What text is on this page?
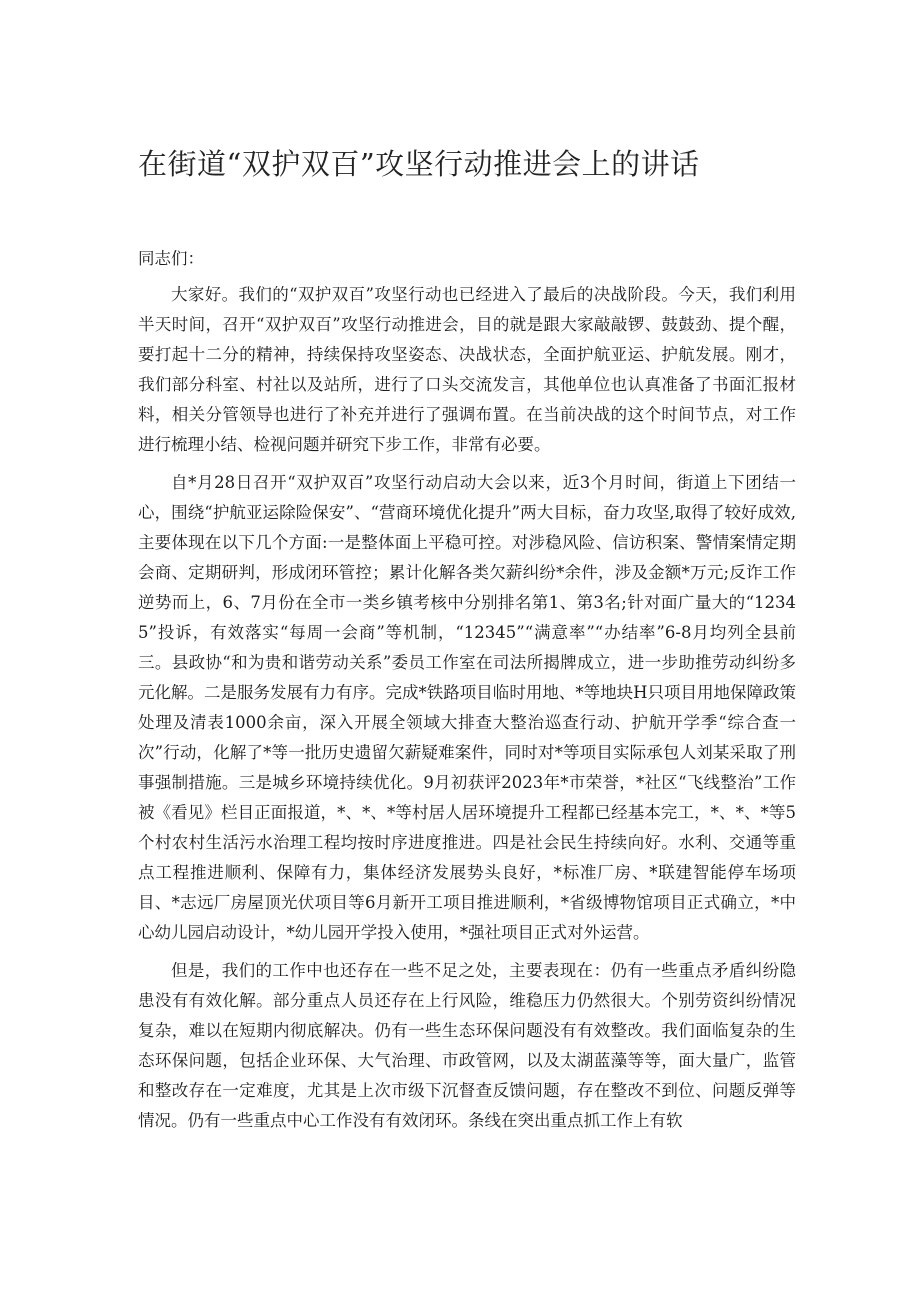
在街道“双护双百”攻坚行动推进会上的讲话

同志们：

大家好。我们的“双护双百”攻坚行动也已经进入了最后的决战阶段。今天，我们利用半天时间，召开“双护双百”攻坚行动推进会，目的就是跟大家敲敲锣、鼓鼓劲、提个醒，要打起十二分的精神，持续保持攻坚姿态、决战状态，全面护航亚运、护航发展。刚才，我们部分科室、村社以及站所，进行了口头交流发言，其他单位也认真准备了书面汇报材料，相关分管领导也进行了补充并进行了强调布置。在当前决战的这个时间节点，对工作进行梳理小结、检视问题并研究下步工作，非常有必要。

自*月28日召开“双护双百”攻坚行动启动大会以来，近3个月时间，街道上下团结一心，围绕“护航亚运除险保安”、“营商环境优化提升”两大目标，奋力攻坚,取得了较好成效,主要体现在以下几个方面:一是整体面上平稳可控。对涉稳风险、信访积案、警情案情定期会商、定期研判，形成闭环管控；累计化解各类欠薪纠纷*余件，涉及金额*万元;反诈工作逆势而上，6、7月份在全市一类乡镇考核中分别排名第1、第3名;针对面广量大的“12345”投诉，有效落实“每周一会商”等机制，“12345”“满意率”“办结率”6-8月均列全县前三。县政协“和为贵和谐劳动关系”委员工作室在司法所揭牌成立，进一步助推劳动纠纷多元化解。二是服务发展有力有序。完成*铁路项目临时用地、*等地块H只项目用地保障政策处理及清表1000余亩，深入开展全领域大排查大整治巡查行动、护航开学季“综合查一次”行动，化解了*等一批历史遗留欠薪疑难案件，同时对*等项目实际承包人刘某采取了刑事强制措施。三是城乡环境持续优化。9月初获评2023年*市荣誉，*社区“飞线整治”工作被《看见》栏目正面报道，*、*、*等村居人居环境提升工程都已经基本完工，*、*、*等5个村农村生活污水治理工程均按时序进度推进。四是社会民生持续向好。水利、交通等重点工程推进顺利、保障有力，集体经济发展势头良好，*标准厂房、*联建智能停车场项目、*志远厂房屋顶光伏项目等6月新开工项目推进顺利，*省级博物馆项目正式确立，*中心幼儿园启动设计，*幼儿园开学投入使用，*强社项目正式对外运营。

但是，我们的工作中也还存在一些不足之处，主要表现在：仍有一些重点矛盾纠纷隐患没有有效化解。部分重点人员还存在上行风险，维稳压力仍然很大。个别劳资纠纷情况复杂，难以在短期内彻底解决。仍有一些生态环保问题没有有效整改。我们面临复杂的生态环保问题，包括企业环保、大气治理、市政管网，以及太湖蓝藻等等，面大量广，监管和整改存在一定难度，尤其是上次市级下沉督查反馈问题，存在整改不到位、问题反弹等情况。仍有一些重点中心工作没有有效闭环。条线在突出重点抓工作上有软
